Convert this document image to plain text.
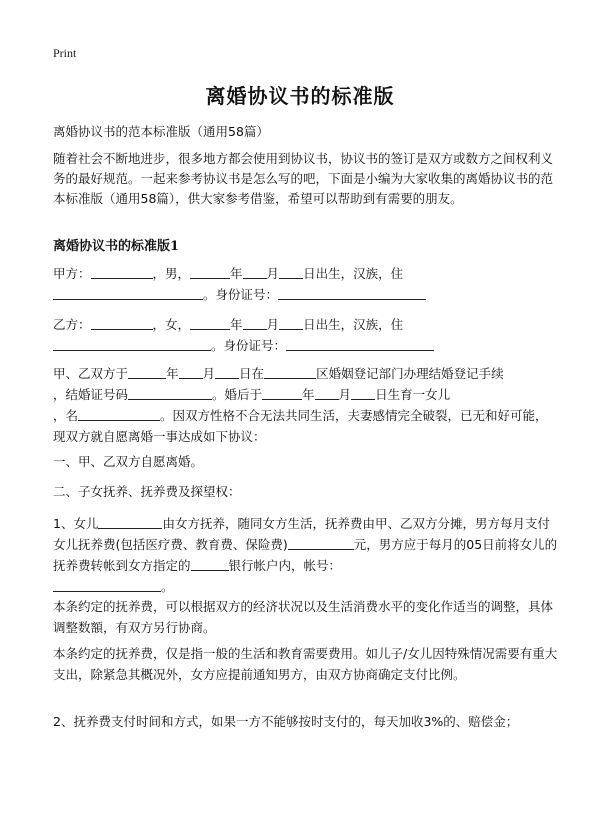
Print
离婚协议书的标准版

离婚协议书的范本标准版（通用58篇）

随着社会不断地进步，很多地方都会使用到协议书，协议书的签订是双方或数方之间权利义务的最好规范。一起来参考协议书是怎么写的吧，下面是小编为大家收集的离婚协议书的范本标准版（通用58篇），供大家参考借鉴，希望可以帮助到有需要的朋友。

离婚协议书的标准版1
甲方：	，男，	年 月 日出生，汉族，住
。身份证号：
乙方：	，女，	年 月 日出生，汉族，住
。身份证号：
甲、乙双方于	年 月 日在	区婚姻登记部门办理结婚登记手续
，结婚证号码	。婚后于	年 月 日生育一女儿
，名	。因双方性格不合无法共同生活，夫妻感情完全破裂，已无和好可能，现双方就自愿离婚一事达成如下协议：

一、甲、乙双方自愿离婚。

二、子女抚养、抚养费及探望权：

1、女儿	由女方抚养，随同女方生活，抚养费由甲、乙双方分摊，男方每月支付女儿抚养费(包括医疗费、教育费、保险费)	元，男方应于每月的05日前将女儿的抚养费转帐到女方指定的	银行帐户内，帐号：
。

本条约定的抚养费，可以根据双方的经济状况以及生活消费水平的变化作适当的调整，具体调整数額，有双方另行协商。

本条约定的抚养费，仅是指一般的生活和教育需要费用。如儿子/女儿因特殊情况需要有重大支出，除紧急其概况外，女方应提前通知男方，由双方协商确定支付比例。

2、抚养费支付时间和方式，如果一方不能够按时支付的，每天加收3%的、赔偿金；
